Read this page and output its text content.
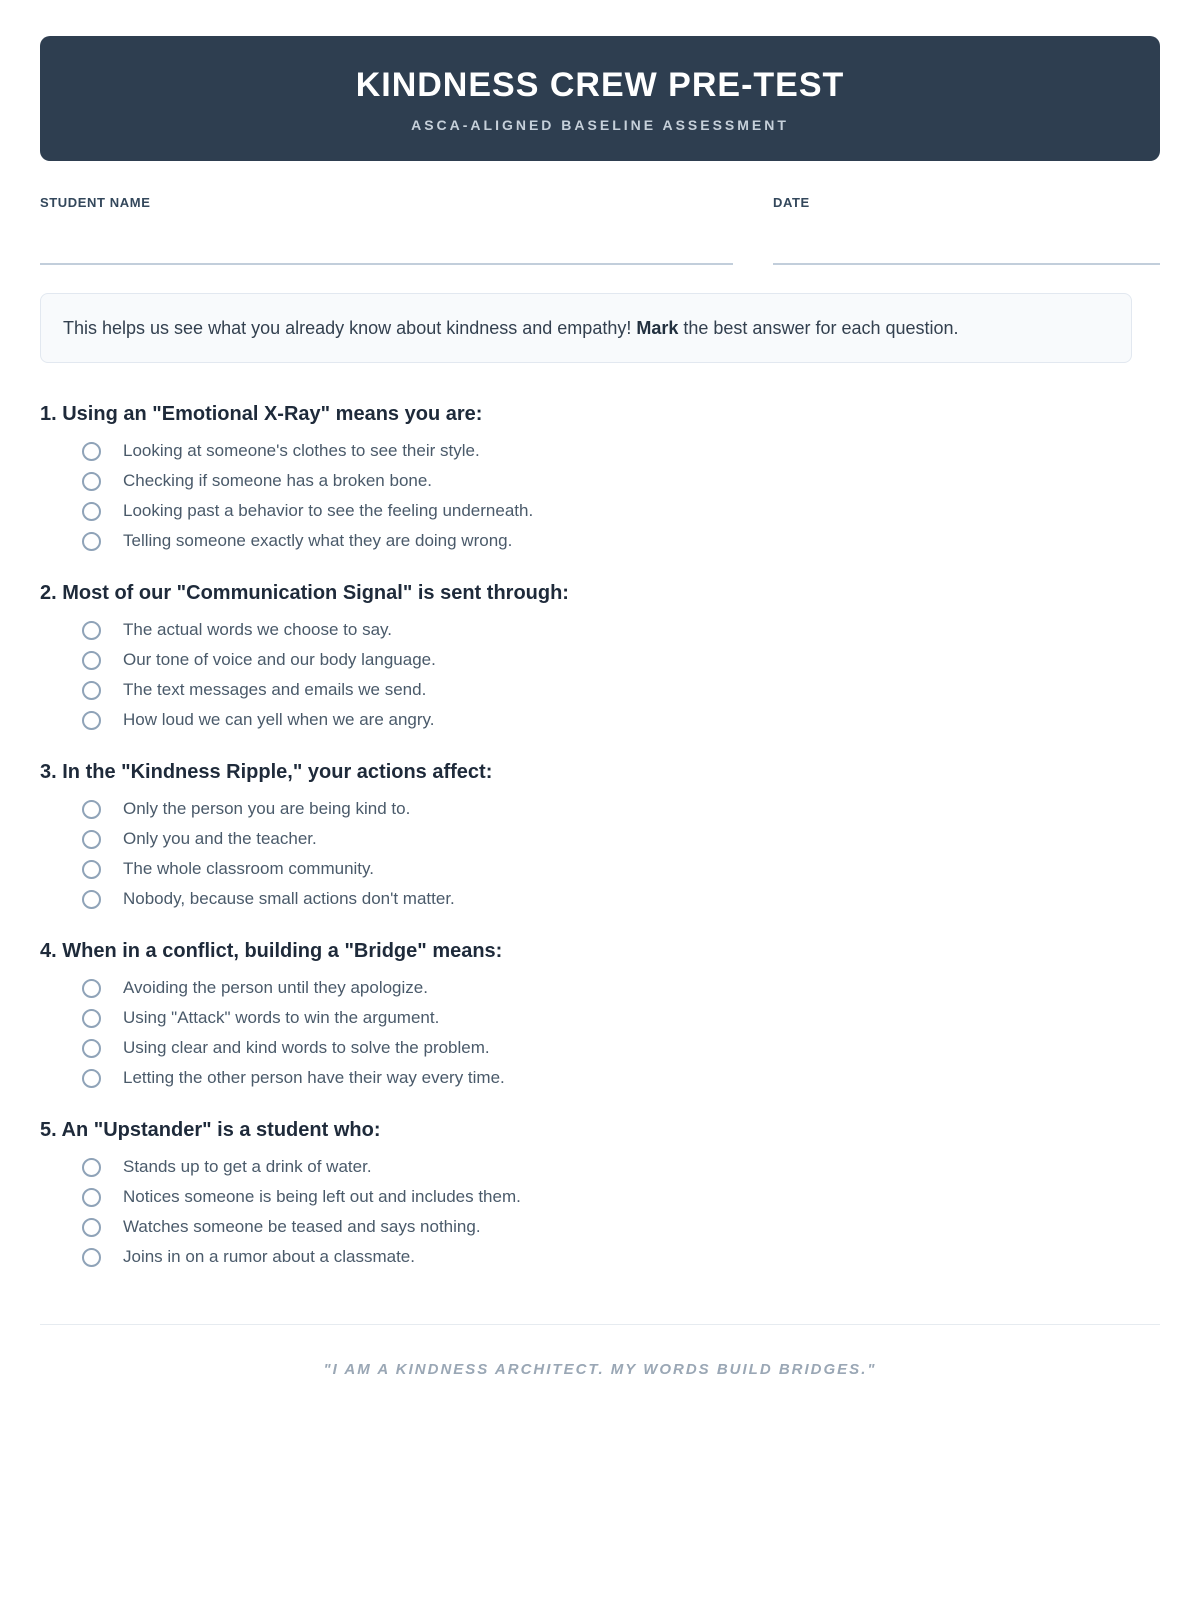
KINDNESS CREW PRE-TEST
ASCA-ALIGNED BASELINE ASSESSMENT
STUDENT NAME	DATE
This helps us see what you already know about kindness and empathy! Mark the best answer for each question.
1. Using an "Emotional X-Ray" means you are:
Looking at someone's clothes to see their style.
Checking if someone has a broken bone.
Looking past a behavior to see the feeling underneath.
Telling someone exactly what they are doing wrong.
2. Most of our "Communication Signal" is sent through:
The actual words we choose to say.
Our tone of voice and our body language.
The text messages and emails we send.
How loud we can yell when we are angry.
3. In the "Kindness Ripple," your actions affect:
Only the person you are being kind to.
Only you and the teacher.
The whole classroom community.
Nobody, because small actions don't matter.
4. When in a conflict, building a "Bridge" means:
Avoiding the person until they apologize.
Using "Attack" words to win the argument.
Using clear and kind words to solve the problem.
Letting the other person have their way every time.
5. An "Upstander" is a student who:
Stands up to get a drink of water.
Notices someone is being left out and includes them.
Watches someone be teased and says nothing.
Joins in on a rumor about a classmate.
"I AM A KINDNESS ARCHITECT. MY WORDS BUILD BRIDGES."
